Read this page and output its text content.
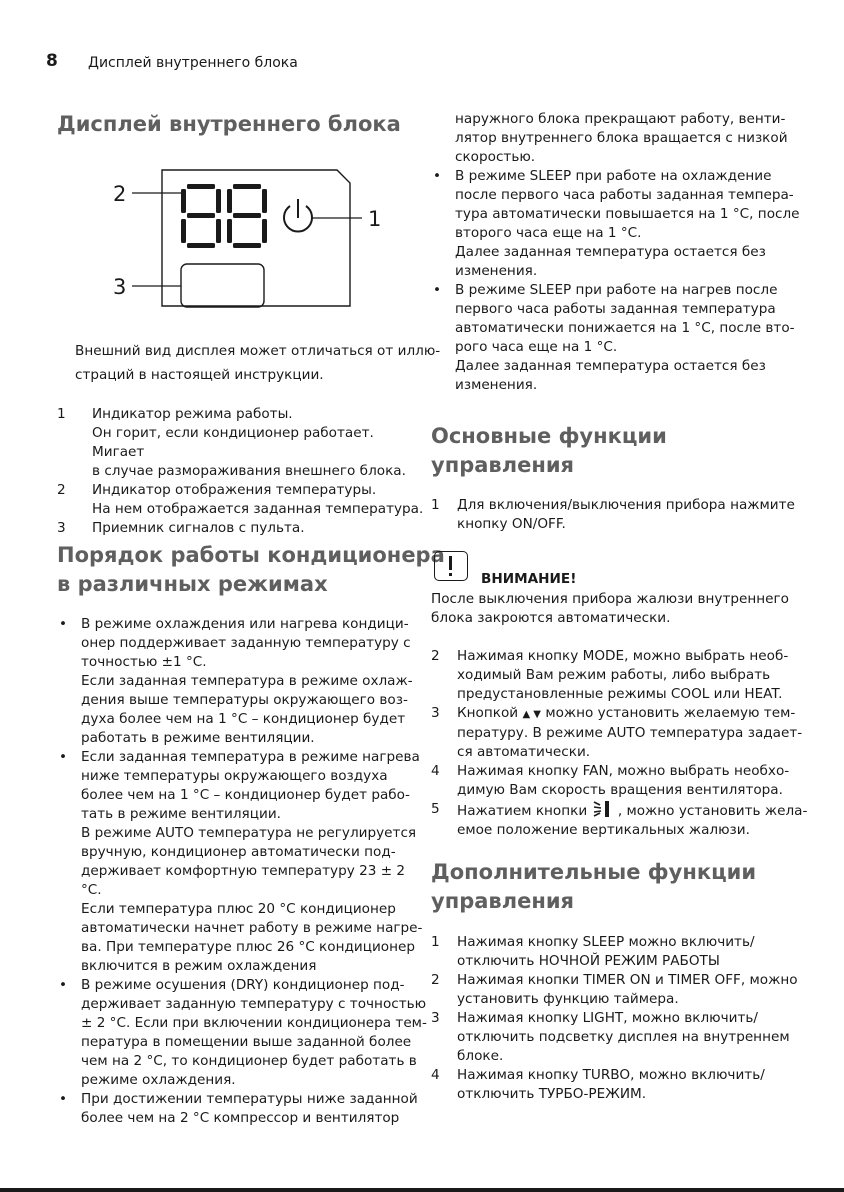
8 Дисплей внутреннего блока
Дисплей внутреннего блока
1
2
3
Внешний вид дисплея может отличаться от иллю-
страций в настоящей инструкции.
1 Индикатор режима работы.
Он горит, если кондиционер работает. Мигает
в случае размораживания внешнего блока.
2 Индикатор отображения температуры.
На нем отображается заданная температура.
3 Приемник сигналов с пульта.
Порядок работы кондиционера
в различных режимах
• В режиме охлаждения или нагрева кондици-
онер поддерживает заданную температуру с
точностью ±1 °С.
Если заданная температура в режиме охлаж-
дения выше температуры окружающего воз-
духа более чем на 1 °С – кондиционер будет
работать в режиме вентиляции.
• Если заданная температура в режиме нагрева
ниже температуры окружающего воздуха
более чем на 1 °С – кондиционер будет рабо-
тать в режиме вентиляции.
В режиме AUTO температура не регулируется
вручную, кондиционер автоматически под-
держивает комфортную температуру 23 ± 2 °С.
Если температура плюс 20 °С кондиционер
автоматически начнет работу в режиме нагре-
ва. При температуре плюс 26 °С кондиционер
включится в режим охлаждения
• В режиме осушения (DRY) кондиционер под-
держивает заданную температуру с точностью
± 2 °С. Если при включении кондиционера тем-
пература в помещении выше заданной более
чем на 2 °С, то кондиционер будет работать в
режиме охлаждения.
• При достижении температуры ниже заданной
более чем на 2 °С компрессор и вентилятор
наружного блока прекращают работу, венти-
лятор внутреннего блока вращается с низкой
скоростью.
• В режиме SLEEP при работе на охлаждение
после первого часа работы заданная темпера-
тура автоматически повышается на 1 °С, после
второго часа еще на 1 °С.
Далее заданная температура остается без
изменения.
• В режиме SLEEP при работе на нагрев после
первого часа работы заданная температура
автоматически понижается на 1 °С, после вто-
рого часа еще на 1 °С.
Далее заданная температура остается без
изменения.
Основные функции
управления
1 Для включения/выключения прибора нажмите
кнопку ON/OFF.
ВНИМАНИЕ!
После выключения прибора жалюзи внутреннего
блока закроются автоматически.
2 Нажимая кнопку MODE, можно выбрать необ-
ходимый Вам режим работы, либо выбрать
предустановленные режимы COOL или HEAT.
3 Кнопкой ▲ ▼ можно установить желаемую тем-
пературу. В режиме AUTO температура задает-
ся автоматически.
4 Нажимая кнопку FAN, можно выбрать необхо-
димую Вам скорость вращения вентилятора.
5 Нажатием кнопки , можно установить жела-
емое положение вертикальных жалюзи.
Дополнительные функции
управления
1 Нажимая кнопку SLEEP можно включить/
отключить НОЧНОЙ РЕЖИМ РАБОТЫ
2 Нажимая кнопки TIMER ON и TIMER OFF, можно
установить функцию таймера.
3 Нажимая кнопку LIGHT, можно включить/
отключить подсветку дисплея на внутреннем
блоке.
4 Нажимая кнопку TURBO, можно включить/
отключить ТУРБО-РЕЖИМ.
